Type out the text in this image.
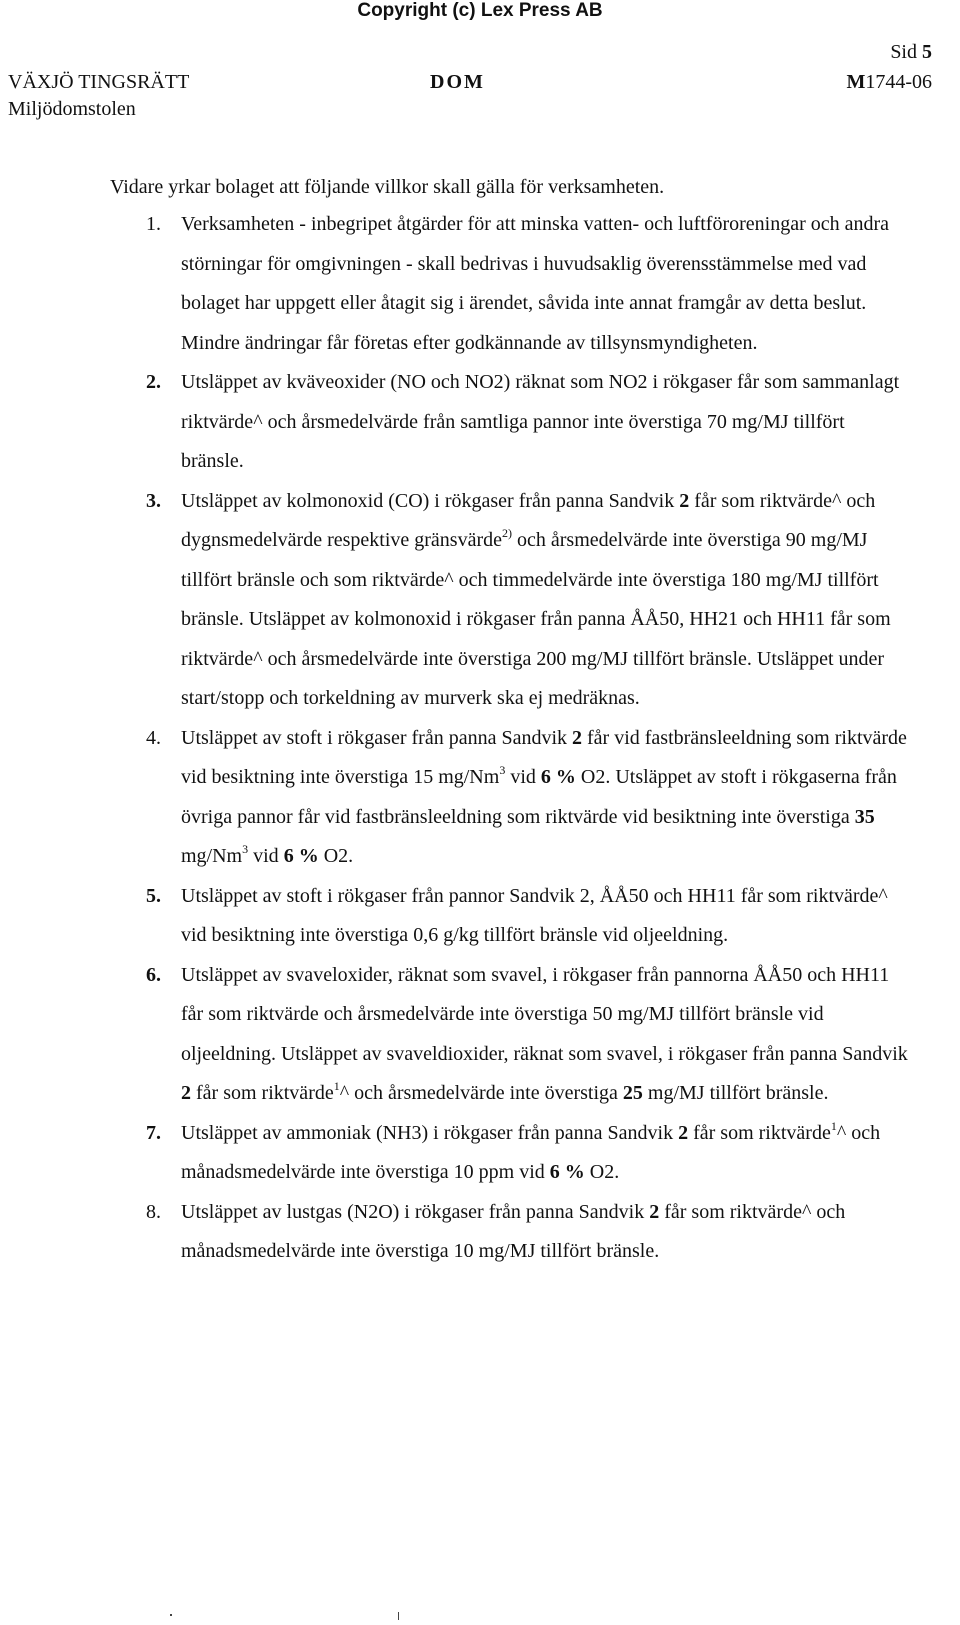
Copyright (c) Lex Press AB
Sid 5
VÄXJÖ TINGSRÄTT	DOM	M1744-06
Miljödomstolen
Vidare yrkar bolaget att följande villkor skall gälla för verksamheten.
1.	Verksamheten - inbegripet åtgärder för att minska vatten- och luftföroreningar och andra störningar för omgivningen - skall bedrivas i huvudsaklig överensstämmelse med vad bolaget har uppgett eller åtagit sig i ärendet, såvida inte annat framgår av detta beslut. Mindre ändringar får företas efter godkännande av tillsynsmyndigheten.
2.	Utsläppet av kväveoxider (NO och NO2) räknat som NO2 i rökgaser får som sammanlagt riktvärde^ och årsmedelvärde från samtliga pannor inte överstiga 70 mg/MJ tillfört bränsle.
3.	Utsläppet av kolmonoxid (CO) i rökgaser från panna Sandvik 2 får som riktvärde^ och dygnsmedelvärde respektive gränsvärde$^{2)}$ och årsmedelvärde inte överstiga 90 mg/MJ tillfört bränsle och som riktvärde^ och timmedelvärde inte överstiga 180 mg/MJ tillfört bränsle. Utsläppet av kolmonoxid i rökgaser från panna ÅÅ50, HH21 och HH11 får som riktvärde^ och årsmedelvärde inte överstiga 200 mg/MJ tillfört bränsle. Utsläppet under start/stopp och torkeldning av murverk ska ej medräknas.
4.	Utsläppet av stoft i rökgaser från panna Sandvik 2 får vid fastbränsleeldning som riktvärde vid besiktning inte överstiga 15 mg/Nm$^3$ vid 6 % O2. Utsläppet av stoft i rökgaserna från övriga pannor får vid fastbränsleeldning som riktvärde vid besiktning inte överstiga 35 mg/Nm$^3$ vid 6 % O2.
5.	Utsläppet av stoft i rökgaser från pannor Sandvik 2, ÅÅ50 och HH11 får som riktvärde^ vid besiktning inte överstiga 0,6 g/kg tillfört bränsle vid oljeeldning.
6.	Utsläppet av svaveloxider, räknat som svavel, i rökgaser från pannorna ÅÅ50 och HH11 får som riktvärde och årsmedelvärde inte överstiga 50 mg/MJ tillfört bränsle vid oljeeldning. Utsläppet av svaveldioxider, räknat som svavel, i rökgaser från panna Sandvik 2 får som riktvärde$^1$^ och årsmedelvärde inte överstiga 25 mg/MJ tillfört bränsle.
7.	Utsläppet av ammoniak (NH3) i rökgaser från panna Sandvik 2 får som riktvärde$^1$^ och månadsmedelvärde inte överstiga 10 ppm vid 6 % O2.
8.	Utsläppet av lustgas (N2O) i rökgaser från panna Sandvik 2 får som riktvärde^ och månadsmedelvärde inte överstiga 10 mg/MJ tillfört bränsle.
